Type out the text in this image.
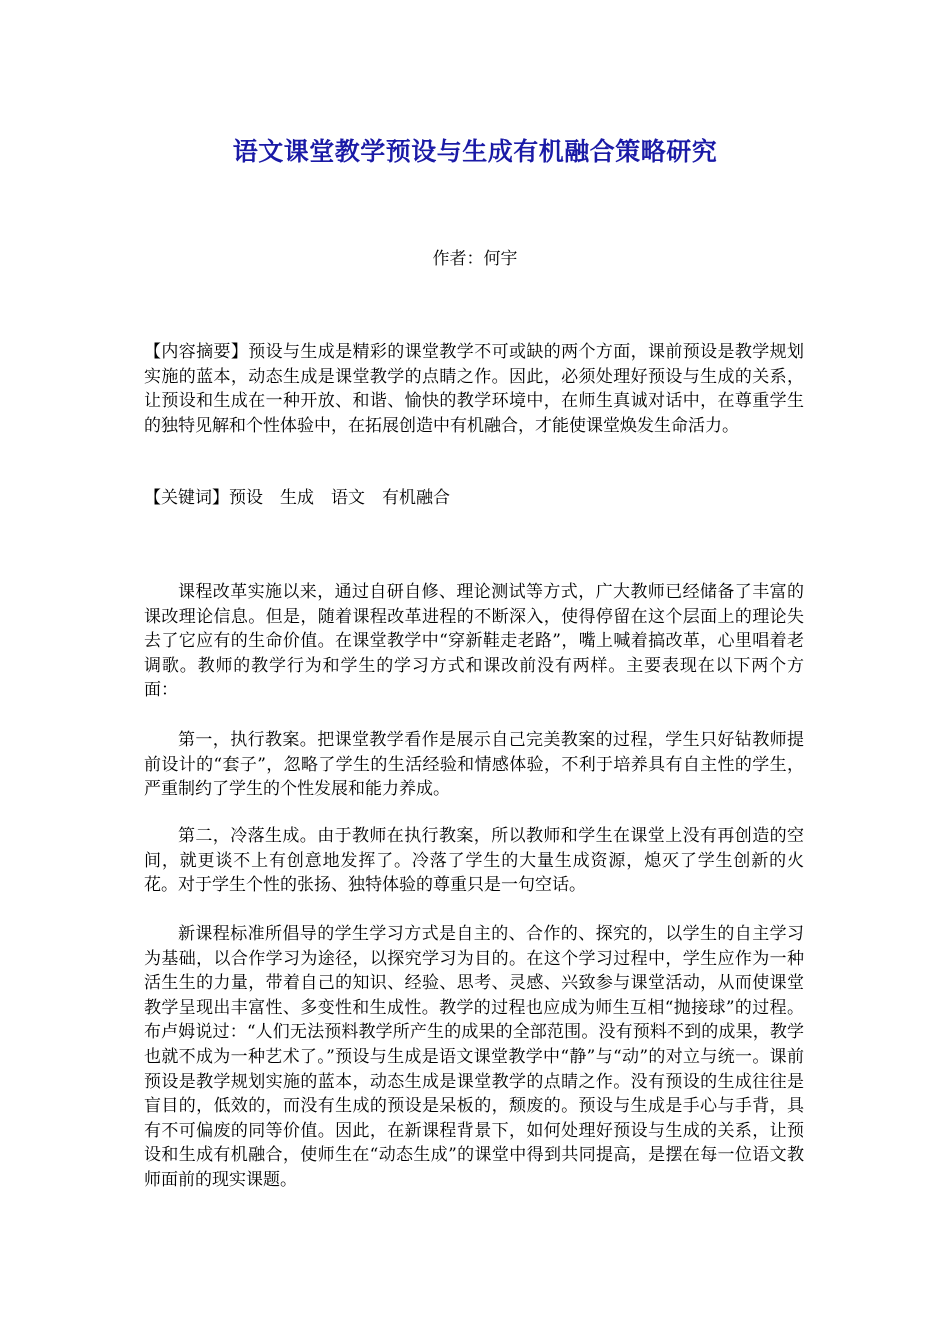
语文课堂教学预设与生成有机融合策略研究
作者：何宇

【内容摘要】预设与生成是精彩的课堂教学不可或缺的两个方面，课前预设是教学规划实施的蓝本，动态生成是课堂教学的点睛之作。因此，必须处理好预设与生成的关系，让预设和生成在一种开放、和谐、愉快的教学环境中，在师生真诚对话中，在尊重学生的独特见解和个性体验中，在拓展创造中有机融合，才能使课堂焕发生命活力。

【关键词】预设　生成　语文　有机融合

课程改革实施以来，通过自研自修、理论测试等方式，广大教师已经储备了丰富的课改理论信息。但是，随着课程改革进程的不断深入，使得停留在这个层面上的理论失去了它应有的生命价值。在课堂教学中“穿新鞋走老路”，嘴上喊着搞改革，心里唱着老调歌。教师的教学行为和学生的学习方式和课改前没有两样。主要表现在以下两个方面：

第一，执行教案。把课堂教学看作是展示自己完美教案的过程，学生只好钻教师提前设计的“套子”，忽略了学生的生活经验和情感体验，不利于培养具有自主性的学生，严重制约了学生的个性发展和能力养成。

第二，冷落生成。由于教师在执行教案，所以教师和学生在课堂上没有再创造的空间，就更谈不上有创意地发挥了。冷落了学生的大量生成资源，熄灭了学生创新的火花。对于学生个性的张扬、独特体验的尊重只是一句空话。

新课程标准所倡导的学生学习方式是自主的、合作的、探究的，以学生的自主学习为基础，以合作学习为途径，以探究学习为目的。在这个学习过程中，学生应作为一种活生生的力量，带着自己的知识、经验、思考、灵感、兴致参与课堂活动，从而使课堂教学呈现出丰富性、多变性和生成性。教学的过程也应成为师生互相“抛接球”的过程。布卢姆说过：“人们无法预料教学所产生的成果的全部范围。没有预料不到的成果，教学也就不成为一种艺术了。”预设与生成是语文课堂教学中“静”与“动”的对立与统一。课前预设是教学规划实施的蓝本，动态生成是课堂教学的点睛之作。没有预设的生成往往是盲目的，低效的，而没有生成的预设是呆板的，颓废的。预设与生成是手心与手背，具有不可偏废的同等价值。因此，在新课程背景下，如何处理好预设与生成的关系，让预设和生成有机融合，使师生在“动态生成”的课堂中得到共同提高，是摆在每一位语文教师面前的现实课题。
